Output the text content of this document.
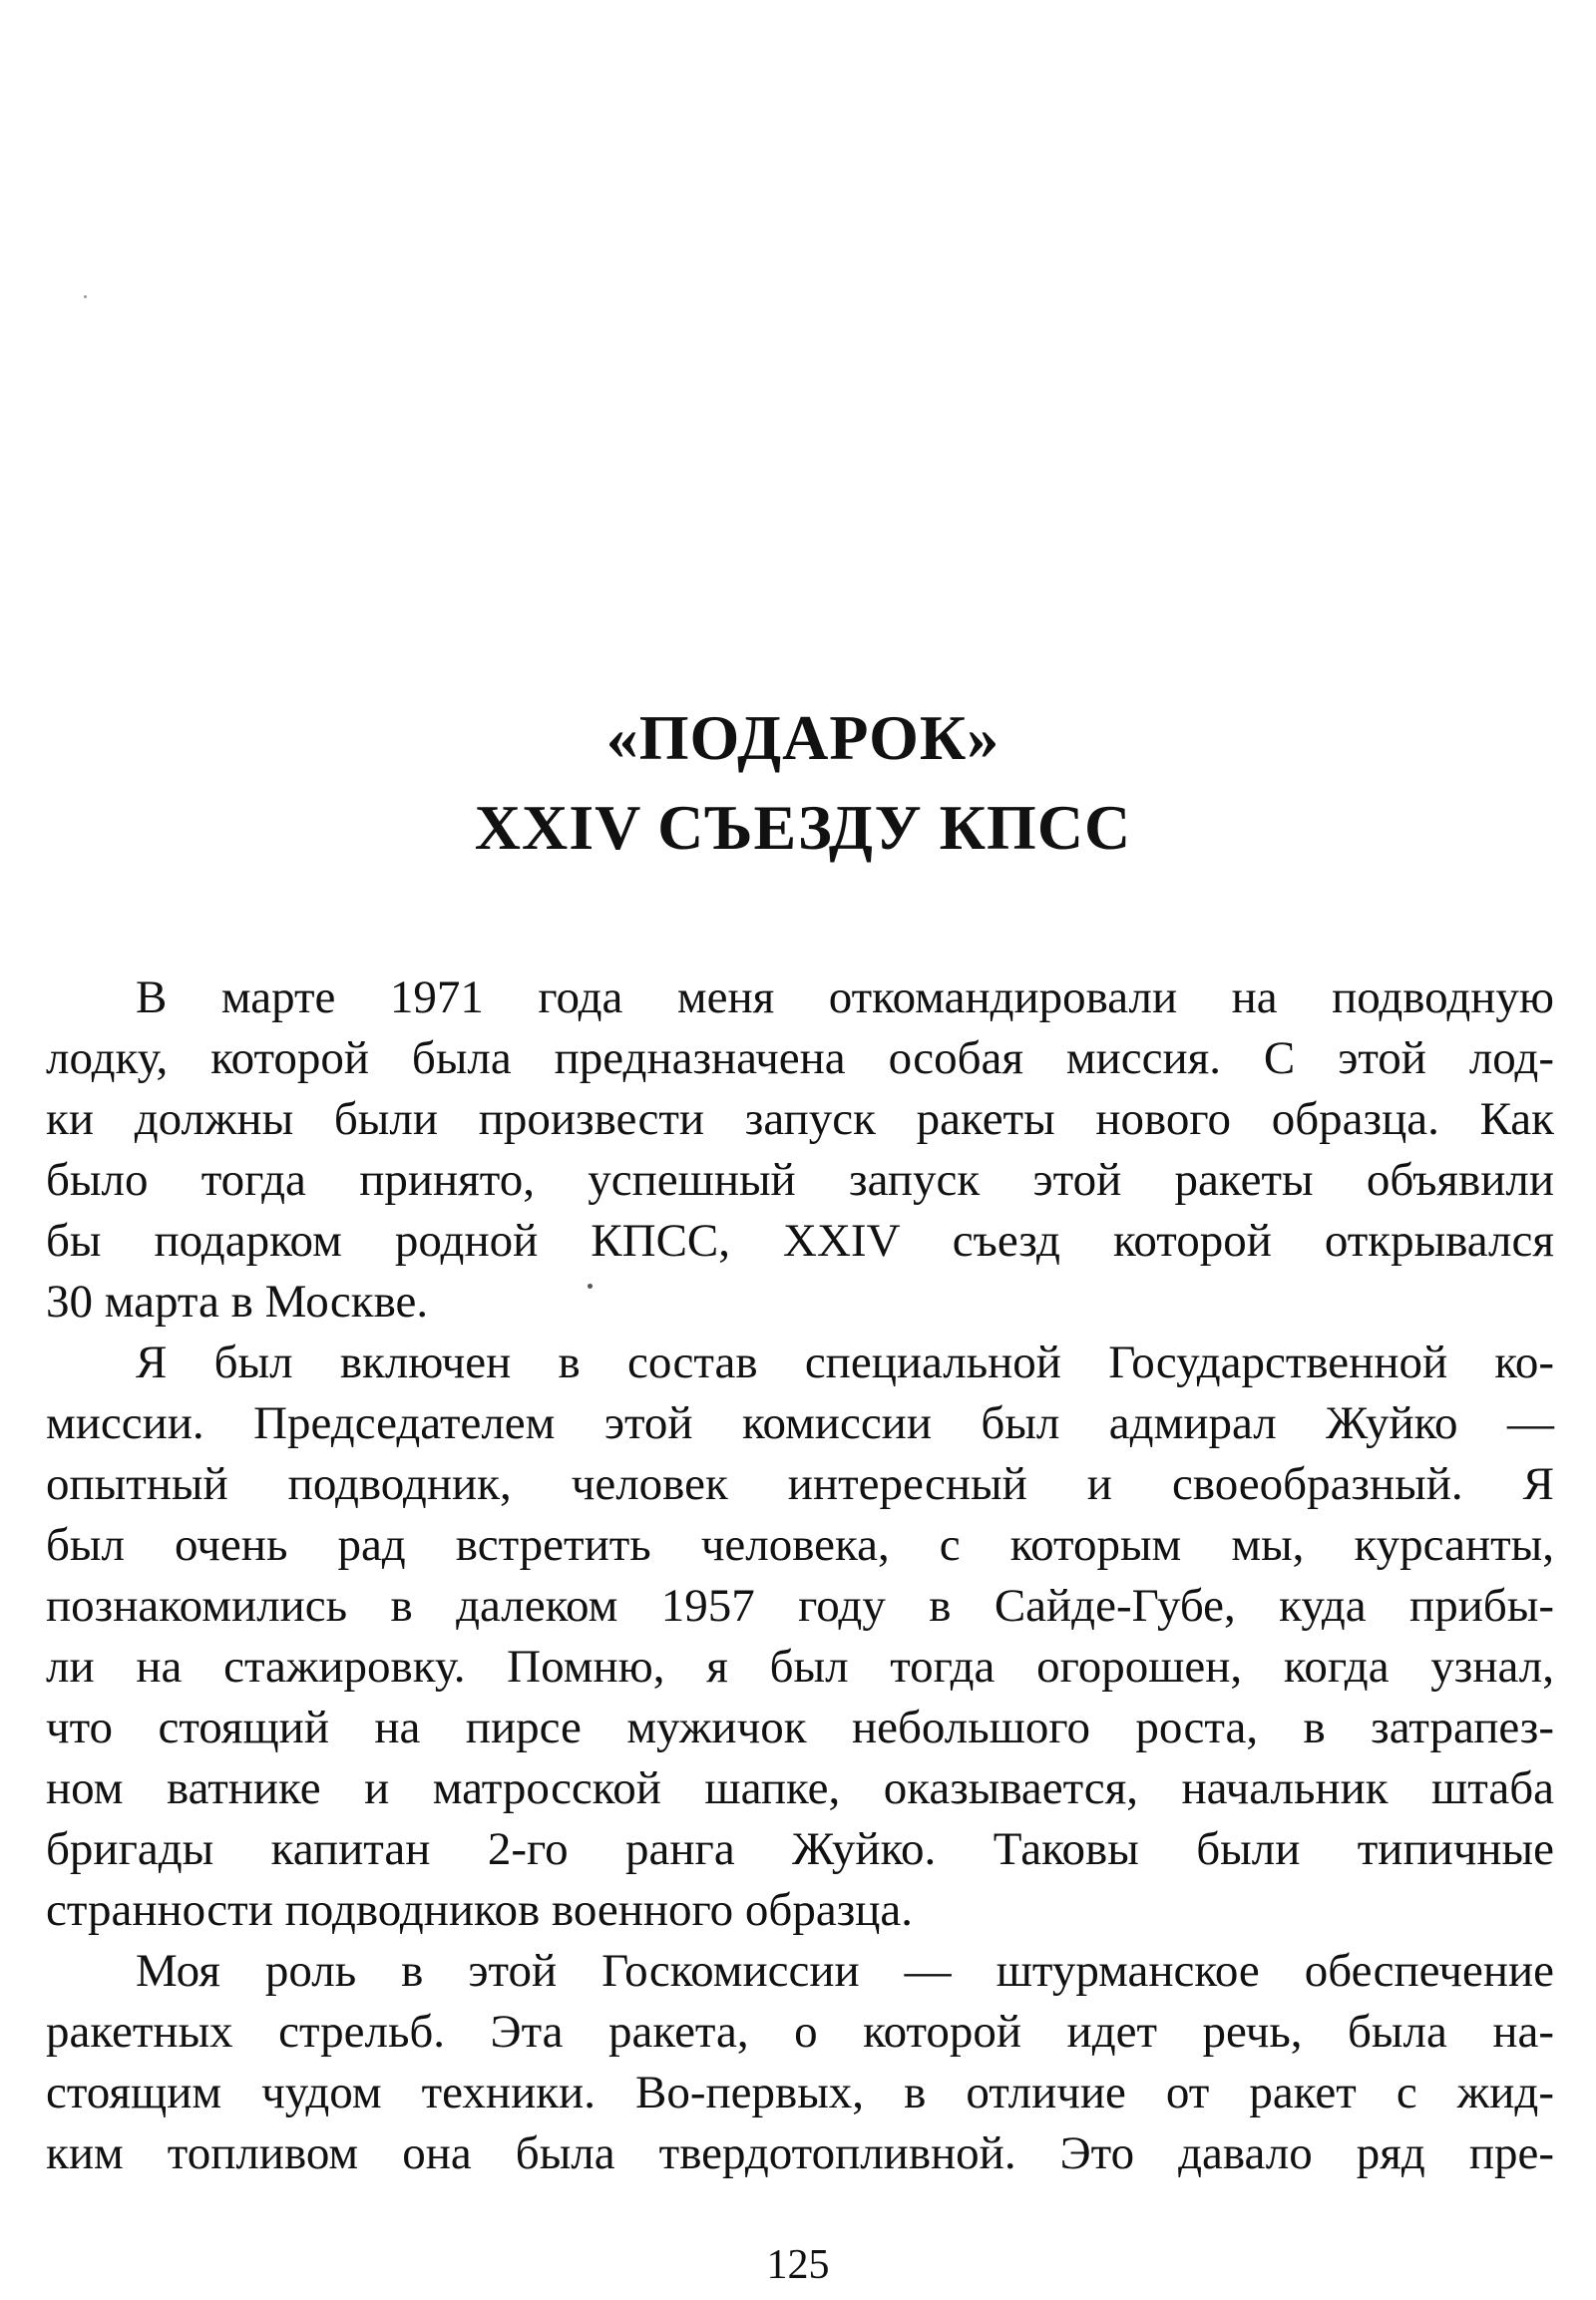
«ПОДАРОК»
XXIV СЪЕЗДУ КПСС

В марте 1971 года меня откомандировали на подводную
лодку, которой была предназначена особая миссия. С этой лод-
ки должны были произвести запуск ракеты нового образца. Как
было тогда принято, успешный запуск этой ракеты объявили
бы подарком родной КПСС, XXIV съезд которой открывался
30 марта в Москве.

Я был включен в состав специальной Государственной ко-
миссии. Председателем этой комиссии был адмирал Жуйко —
опытный подводник, человек интересный и своеобразный. Я
был очень рад встретить человека, с которым мы, курсанты,
познакомились в далеком 1957 году в Сайде-Губе, куда прибы-
ли на стажировку. Помню, я был тогда огорошен, когда узнал,
что стоящий на пирсе мужичок небольшого роста, в затрапез-
ном ватнике и матросской шапке, оказывается, начальник штаба
бригады капитан 2-го ранга Жуйко. Таковы были типичные
странности подводников военного образца.

Моя роль в этой Госкомиссии — штурманское обеспечение
ракетных стрельб. Эта ракета, о которой идет речь, была на-
стоящим чудом техники. Во-первых, в отличие от ракет с жид-
ким топливом она была твердотопливной. Это давало ряд пре-

125
